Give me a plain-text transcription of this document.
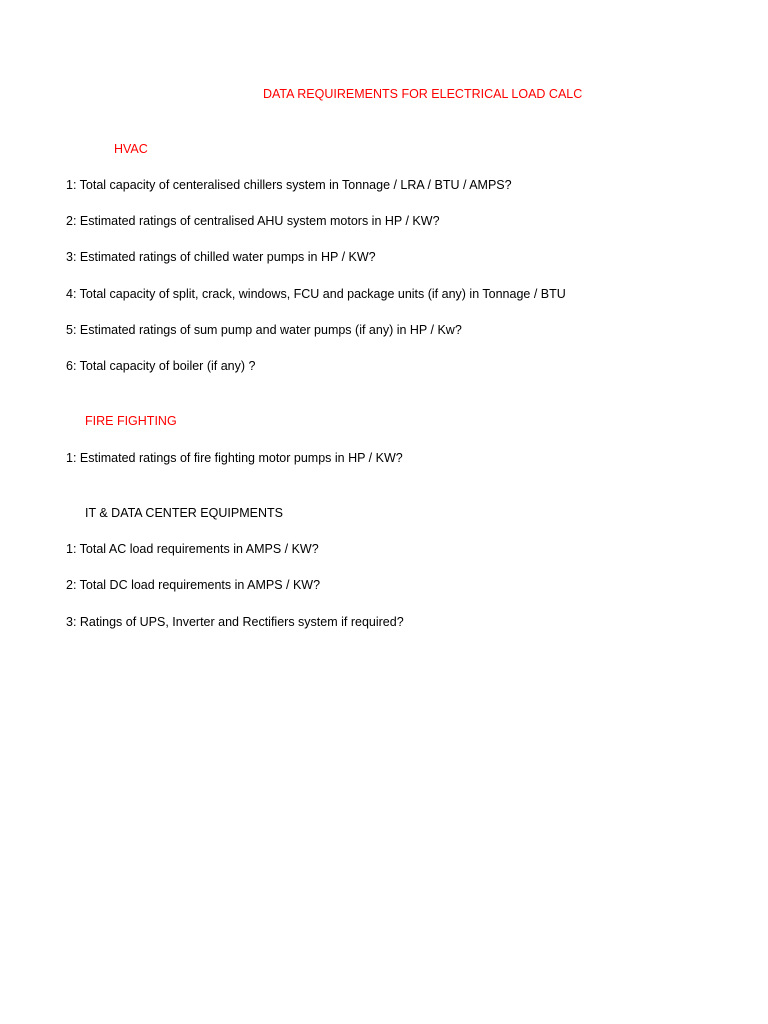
DATA REQUIREMENTS FOR ELECTRICAL LOAD CALC
HVAC
1: Total capacity of centeralised chillers system in Tonnage / LRA / BTU / AMPS?
2: Estimated ratings of centralised AHU system motors in HP / KW?
3: Estimated ratings of chilled water pumps in HP / KW?
4: Total capacity of split, crack, windows, FCU and package units (if any) in Tonnage / BTU
5: Estimated ratings of sum pump and water pumps (if any) in HP / Kw?
6: Total capacity of boiler (if any) ?
FIRE FIGHTING
1: Estimated ratings of fire fighting motor pumps in HP / KW?
IT & DATA CENTER EQUIPMENTS
1: Total AC load requirements in AMPS / KW?
2: Total DC load requirements in AMPS / KW?
3: Ratings of UPS, Inverter and Rectifiers system if required?
